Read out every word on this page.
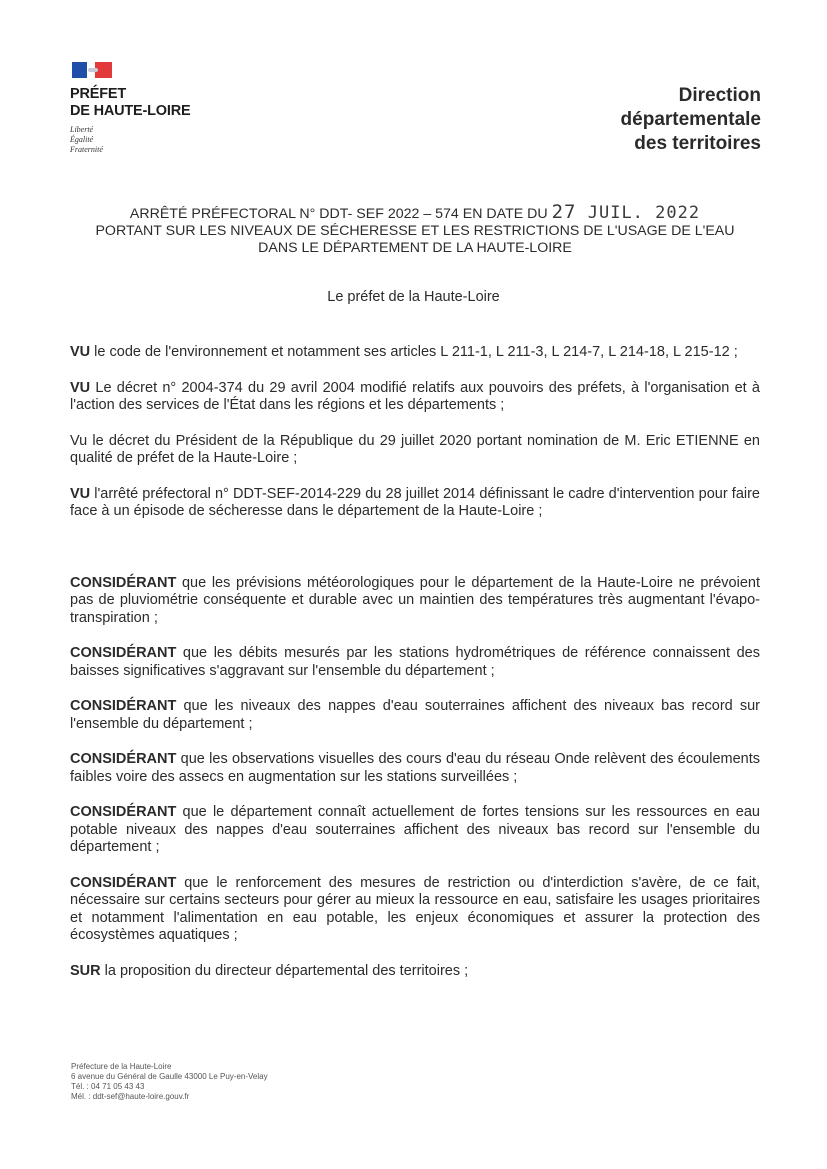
PRÉFET
DE HAUTE-LOIRE
Liberté
Égalité
Fraternité
Direction
départementale
des territoires
ARRÊTÉ PRÉFECTORAL N° DDT- SEF 2022 – 574 EN DATE DU 27 JUIL. 2022
PORTANT SUR LES NIVEAUX DE SÉCHERESSE ET LES RESTRICTIONS DE L'USAGE DE L'EAU
DANS LE DÉPARTEMENT DE LA HAUTE-LOIRE
Le préfet de la Haute-Loire

VU le code de l'environnement et notamment ses articles L 211-1, L 211-3, L 214-7, L 214-18, L 215-12 ;

VU Le décret n° 2004-374 du 29 avril 2004 modifié relatifs aux pouvoirs des préfets, à l'organisation et à l'action des services de l'État dans les régions et les départements ;

Vu le décret du Président de la République du 29 juillet 2020 portant nomination de M. Eric ETIENNE en qualité de préfet de la Haute-Loire ;

VU l'arrêté préfectoral n° DDT-SEF-2014-229 du 28 juillet 2014 définissant le cadre d'intervention pour faire face à un épisode de sécheresse dans le département de la Haute-Loire ;

CONSIDÉRANT que les prévisions météorologiques pour le département de la Haute-Loire ne prévoient pas de pluviométrie conséquente et durable avec un maintien des températures très augmentant l'évapo-transpiration ;

CONSIDÉRANT que les débits mesurés par les stations hydrométriques de référence connaissent des baisses significatives s'aggravant sur l'ensemble du département ;

CONSIDÉRANT que les niveaux des nappes d'eau souterraines affichent des niveaux bas record sur l'ensemble du département ;

CONSIDÉRANT que les observations visuelles des cours d'eau du réseau Onde relèvent des écoulements faibles voire des assecs en augmentation sur les stations surveillées ;

CONSIDÉRANT que le département connaît actuellement de fortes tensions sur les ressources en eau potable niveaux des nappes d'eau souterraines affichent des niveaux bas record sur l'ensemble du département ;

CONSIDÉRANT que le renforcement des mesures de restriction ou d'interdiction s'avère, de ce fait, nécessaire sur certains secteurs pour gérer au mieux la ressource en eau, satisfaire les usages prioritaires et notamment l'alimentation en eau potable, les enjeux économiques et assurer la protection des écosystèmes aquatiques ;

SUR la proposition du directeur départemental des territoires ;

Préfecture de la Haute-Loire
6 avenue du Général de Gaulle 43000 Le Puy-en-Velay
Tél. : 04 71 05 43 43
Mél. : ddt-sef@haute-loire.gouv.fr
